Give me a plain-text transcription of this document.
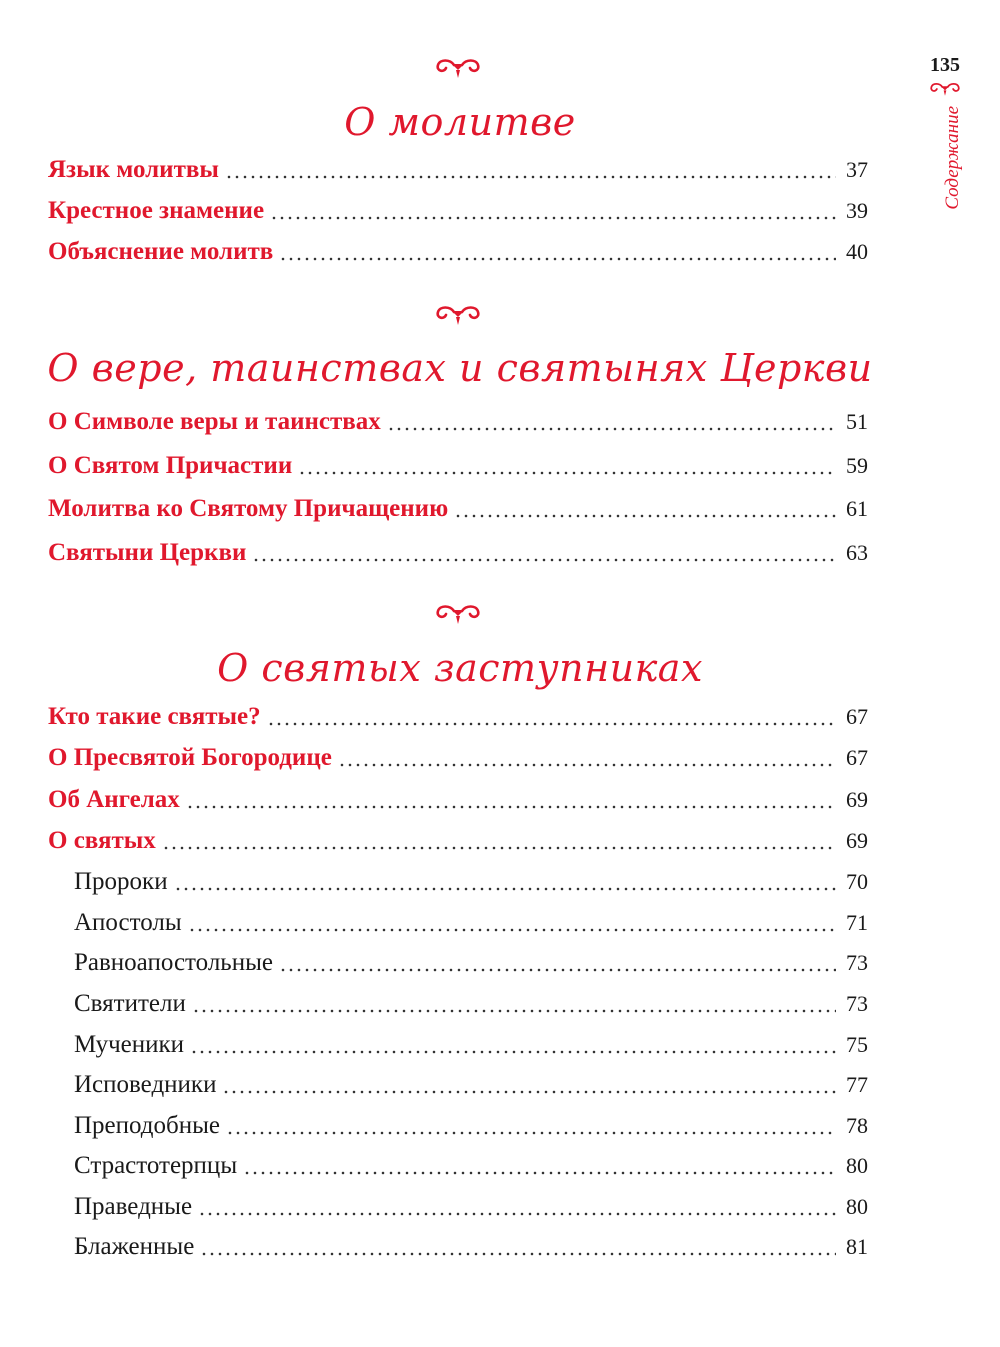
135
Содержание
О молитве
Язык молитвы	37
Крестное знамение	39
Объяснение молитв	40
О вере, таинствах и святынях Церкви
О Символе веры и таинствах	51
О Святом Причастии	59
Молитва ко Святому Причащению	61
Святыни Церкви	63
О святых заступниках
Кто такие святые?	67
О Пресвятой Богородице	67
Об Ангелах	69
О святых	69
Пророки	70
Апостолы	71
Равноапостольные	73
Святители	73
Мученики	75
Исповедники	77
Преподобные	78
Страстотерпцы	80
Праведные	80
Блаженные	81
